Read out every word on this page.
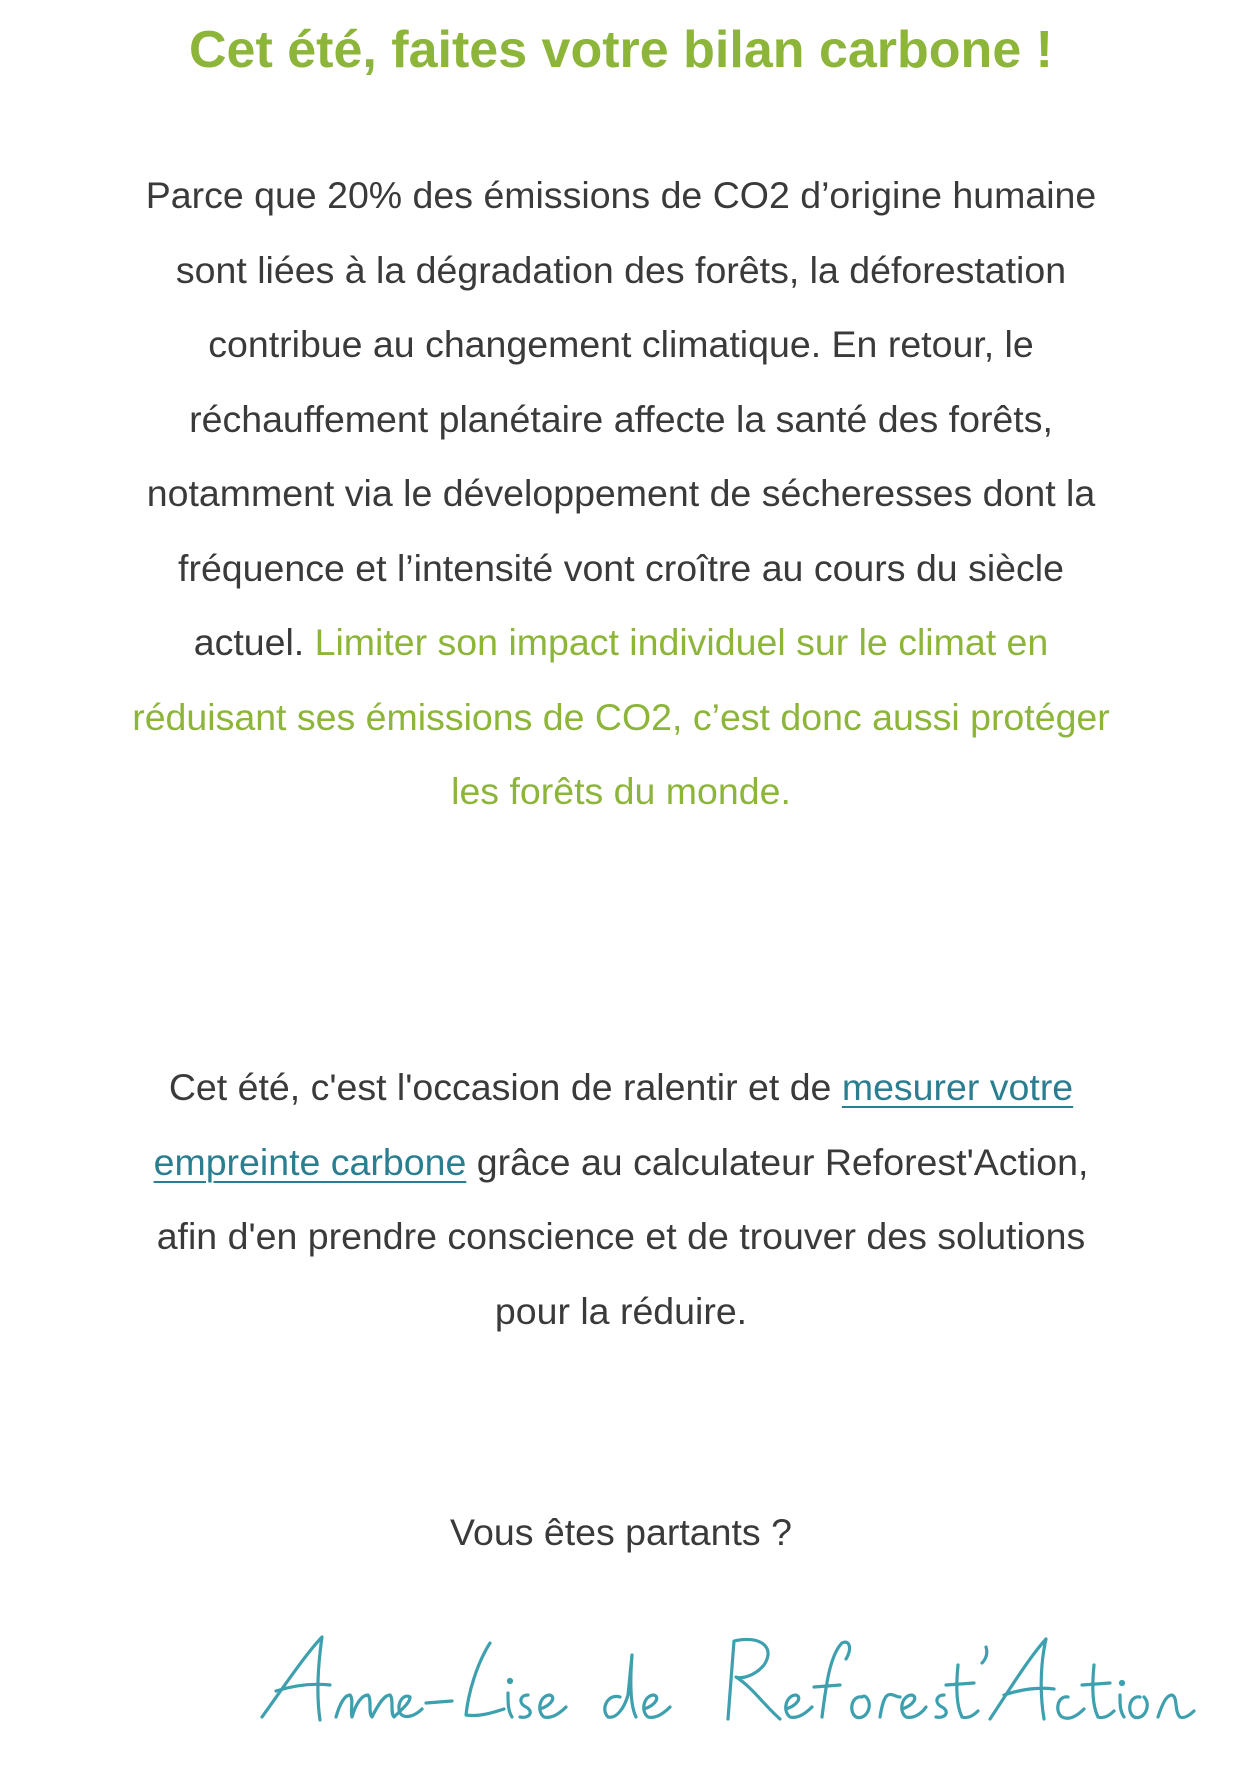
Cet été, faites votre bilan carbone !

Parce que 20% des émissions de CO2 d’origine humaine sont liées à la dégradation des forêts, la déforestation contribue au changement climatique. En retour, le réchauffement planétaire affecte la santé des forêts, notamment via le développement de sécheresses dont la fréquence et l’intensité vont croître au cours du siècle actuel. Limiter son impact individuel sur le climat en réduisant ses émissions de CO2, c’est donc aussi protéger les forêts du monde.

Cet été, c'est l'occasion de ralentir et de mesurer votre empreinte carbone grâce au calculateur Reforest'Action, afin d'en prendre conscience et de trouver des solutions pour la réduire.

Vous êtes partants ?
